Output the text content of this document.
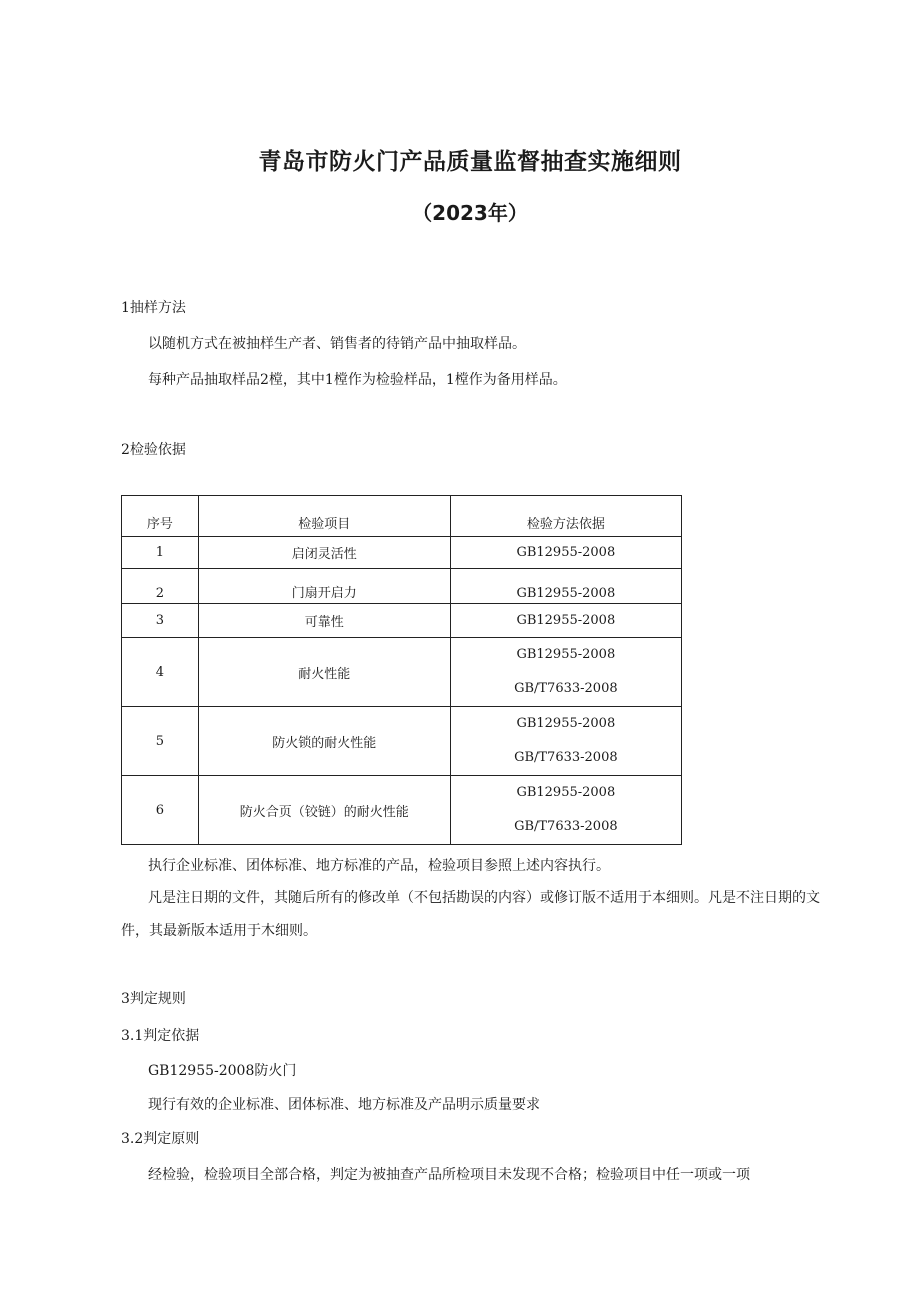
青岛市防火门产品质量监督抽查实施细则
（2023年）
1抽样方法
以随机方式在被抽样生产者、销售者的待销产品中抽取样品。
每种产品抽取样品2樘，其中1樘作为检验样品，1樘作为备用样品。
2检验依据
序号	检验项目	检验方法依据
1	启闭灵活性	GB12955-2008
2	门扇开启力	GB12955-2008
3	可靠性	GB12955-2008
4	耐火性能	GB12955-2008
GB/T7633-2008

5	防火锁的耐火性能	GB12955-2008
GB/T7633-2008

6	防火合页（铰链）的耐火性能	GB12955-2008
GB/T7633-2008
执行企业标准、团体标准、地方标准的产品，检验项目参照上述内容执行。
凡是注日期的文件，其随后所有的修改单（不包括勘误的内容）或修订版不适用于本细则。凡是不注日期的文件，其最新版本适用于木细则。
3判定规则
3.1判定依据
GB12955-2008防火门
现行有效的企业标准、团体标准、地方标准及产品明示质量要求
3.2判定原则
经检验，检验项目全部合格，判定为被抽查产品所检项目未发现不合格；检验项目中任一项或一项
